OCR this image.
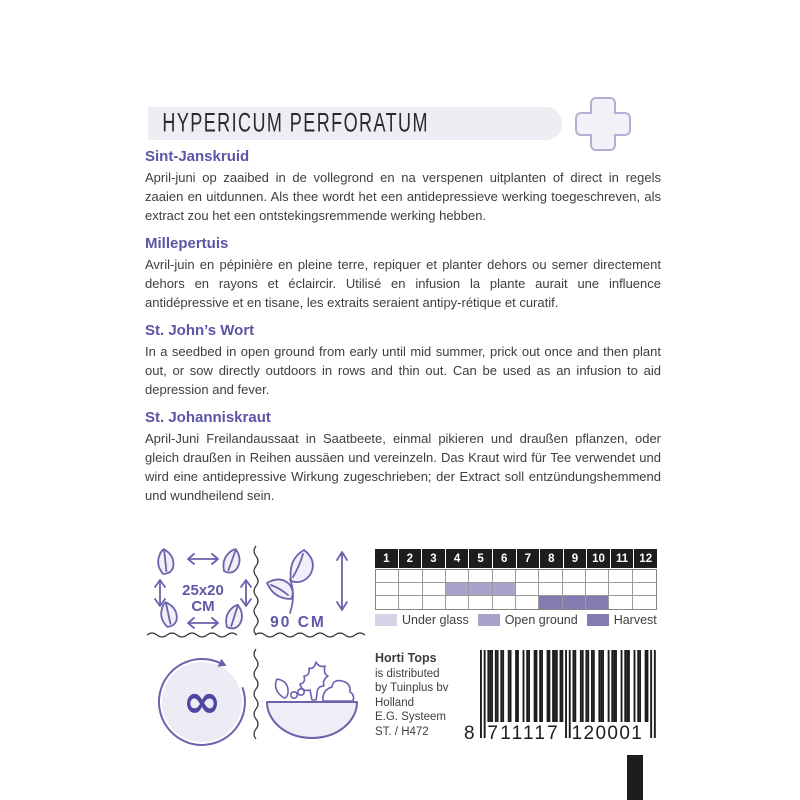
HYPERICUM PERFORATUM
Sint-Janskruid

April-juni op zaaibed in de vollegrond en na verspenen uitplanten of direct in regels zaaien en uitdunnen. Als thee wordt het een antidepressieve werking toegeschreven, als extract zou het een ontstekingsremmende werking hebben.

Millepertuis

Avril-juin en pépinière en pleine terre, repiquer et planter dehors ou semer directement dehors en rayons et éclaircir. Utilisé en infusion la plante aurait une influence antidépressive et en tisane, les extraits seraient antipy-rétique et curatif.

St. John’s Wort

In a seedbed in open ground from early until mid summer, prick out once and then plant out, or sow directly outdoors in rows and thin out. Can be used as an infusion to aid depression and fever.

St. Johanniskraut

April-Juni Freilandaussaat in Saatbeete, einmal pikieren und draußen pflanzen, oder gleich draußen in Reihen aussäen und vereinzeln. Das Kraut wird für Tee verwendet und wird eine antidepressive Wirkung zugeschrieben; der Extract soll entzündungshemmend und wundheilend sein.

25x20
CM
90 CM
∞
1	2	3	4	5	6	7	8	9	10 11 12
Under glass	Open ground	Harvest
Horti Tops
is distributed
by Tuinplus bv
Holland
E.G. Systeem
ST. / H472	8 711117 120001
